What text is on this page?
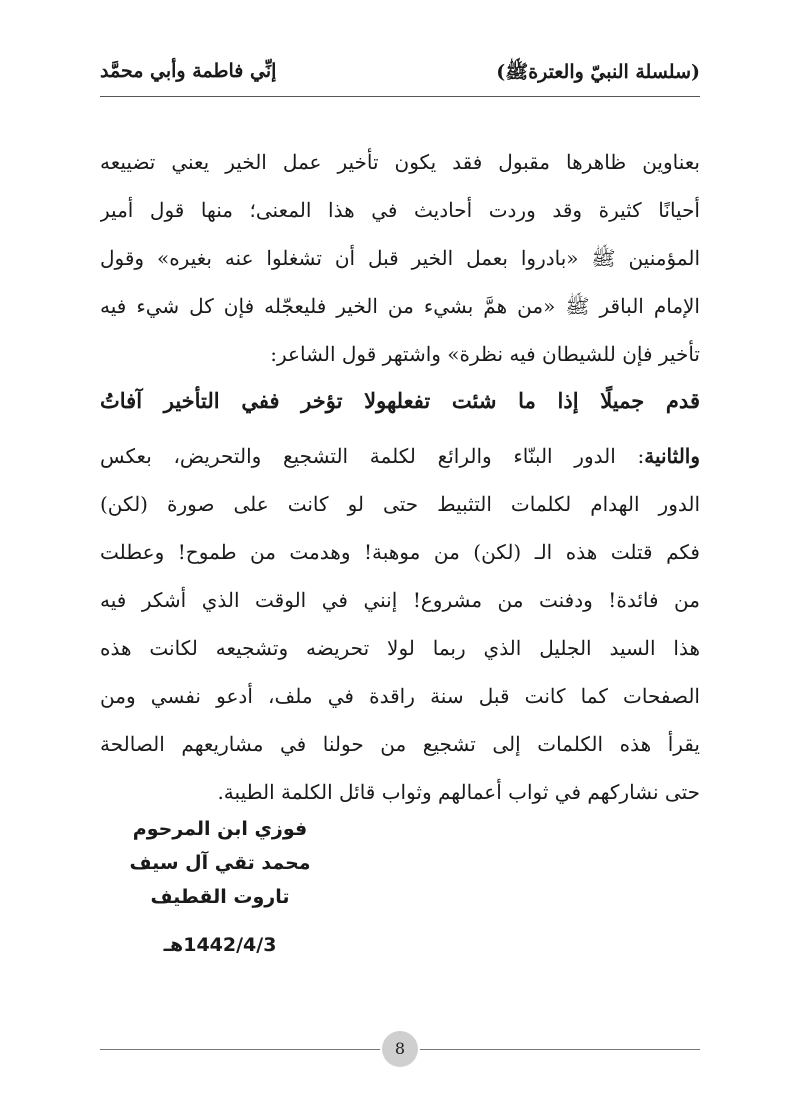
(سلسلة النبيّ والعترةﷺ)
إنِّي فاطمة وأبي محمَّد
بعناوين ظاهرها مقبول فقد يكون تأخير عمل الخير يعني تضييعه
أحيانًا كثيرة وقد وردت أحاديث في هذا المعنى؛ منها قول أمير
المؤمنين ﷺ «بادروا بعمل الخير قبل أن تشغلوا عنه بغيره» وقول
الإمام الباقر ﷺ «من همَّ بشيء من الخير فليعجّله فإن كل شيء فيه
تأخير فإن للشيطان فيه نظرة» واشتهر قول الشاعر:
قدم جميلًا إذا ما شئت تفعلهولا تؤخر ففي التأخير آفاتُ
والثانية: الدور البنّاء والرائع لكلمة التشجيع والتحريض، بعكس
الدور الهدام لكلمات التثبيط حتى لو كانت على صورة (لكن)
فكم قتلت هذه الـ (لكن) من موهبة! وهدمت من طموح! وعطلت
من فائدة! ودفنت من مشروع! إنني في الوقت الذي أشكر فيه
هذا السيد الجليل الذي ربما لولا تحريضه وتشجيعه لكانت هذه
الصفحات كما كانت قبل سنة راقدة في ملف، أدعو نفسي ومن
يقرأ هذه الكلمات إلى تشجيع من حولنا في مشاريعهم الصالحة
حتى نشاركهم في ثواب أعمالهم وثواب قائل الكلمة الطيبة.
فوزي ابن المرحوم
محمد تقي آل سيف
تاروت القطيف
1442/4/3هـ
8
